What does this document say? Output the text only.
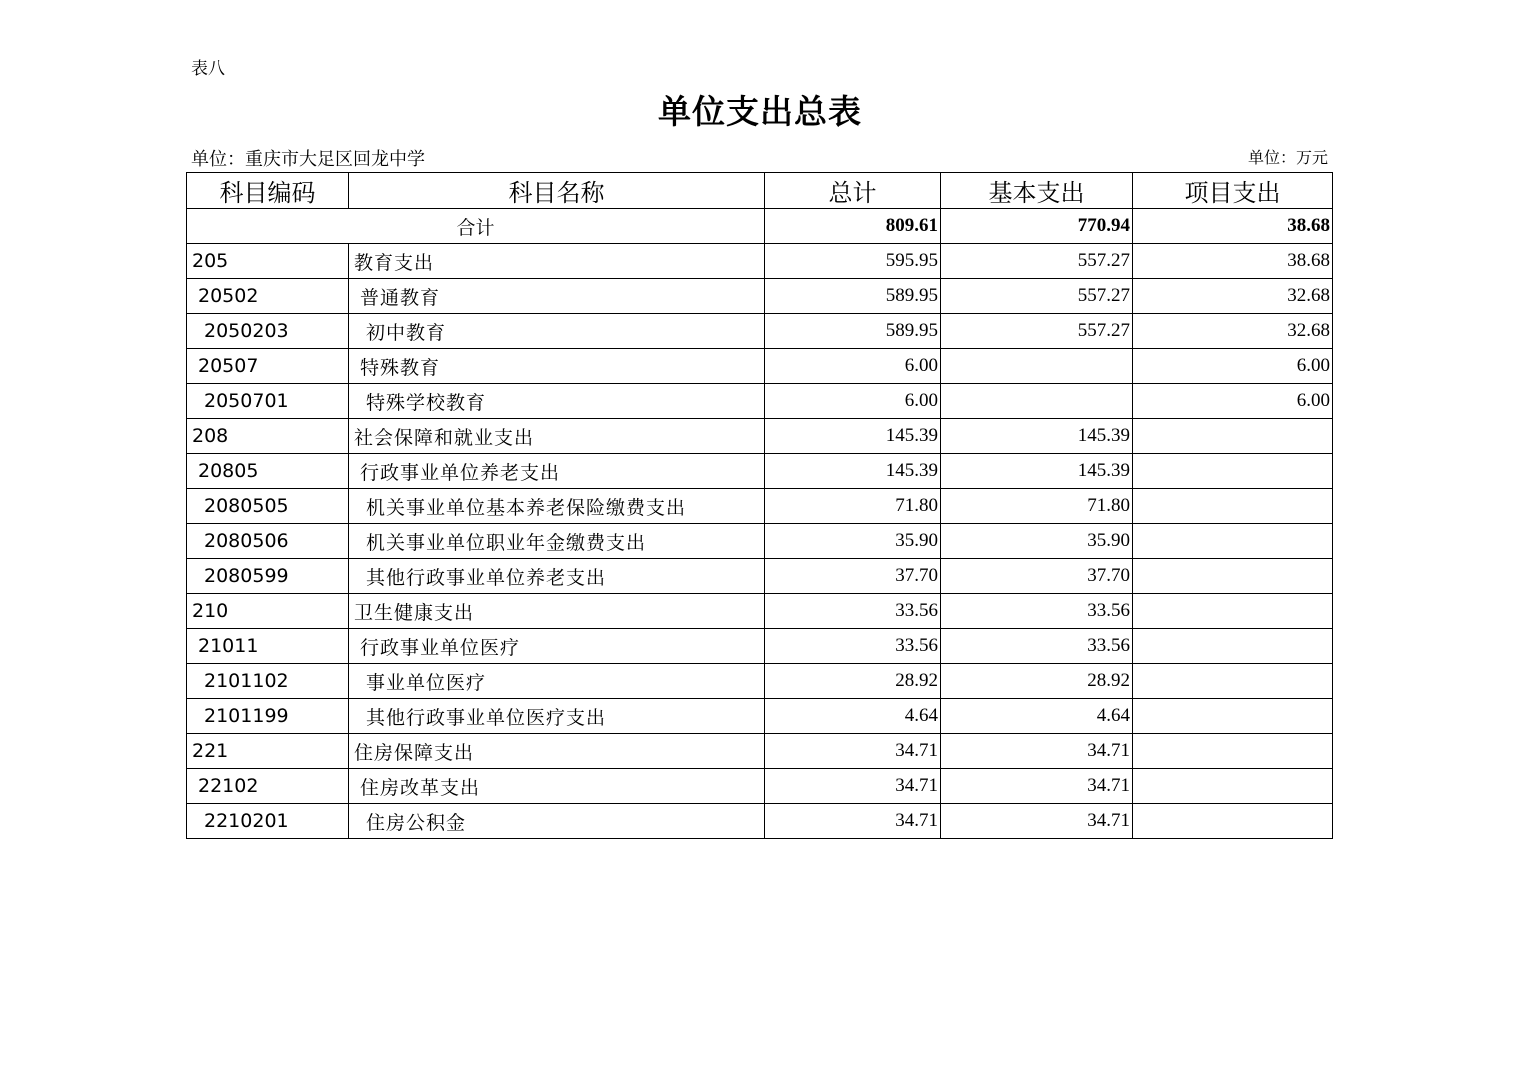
表八
单位支出总表
单位：重庆市大足区回龙中学	单位：万元
科目编码	科目名称	总计	基本支出	项目支出
合计		809.61	770.94	38.68
205	教育支出	595.95	557.27	38.68
20502	普通教育	589.95	557.27	32.68
2050203	初中教育	589.95	557.27	32.68
20507	特殊教育	6.00		6.00
2050701	特殊学校教育	6.00		6.00
208	社会保障和就业支出	145.39	145.39	
20805	行政事业单位养老支出	145.39	145.39	
2080505	机关事业单位基本养老保险缴费支出	71.80	71.80	
2080506	机关事业单位职业年金缴费支出	35.90	35.90	
2080599	其他行政事业单位养老支出	37.70	37.70	
210	卫生健康支出	33.56	33.56	
21011	行政事业单位医疗	33.56	33.56	
2101102	事业单位医疗	28.92	28.92	
2101199	其他行政事业单位医疗支出	4.64	4.64	
221	住房保障支出	34.71	34.71	
22102	住房改革支出	34.71	34.71	
2210201	住房公积金	34.71	34.71	
